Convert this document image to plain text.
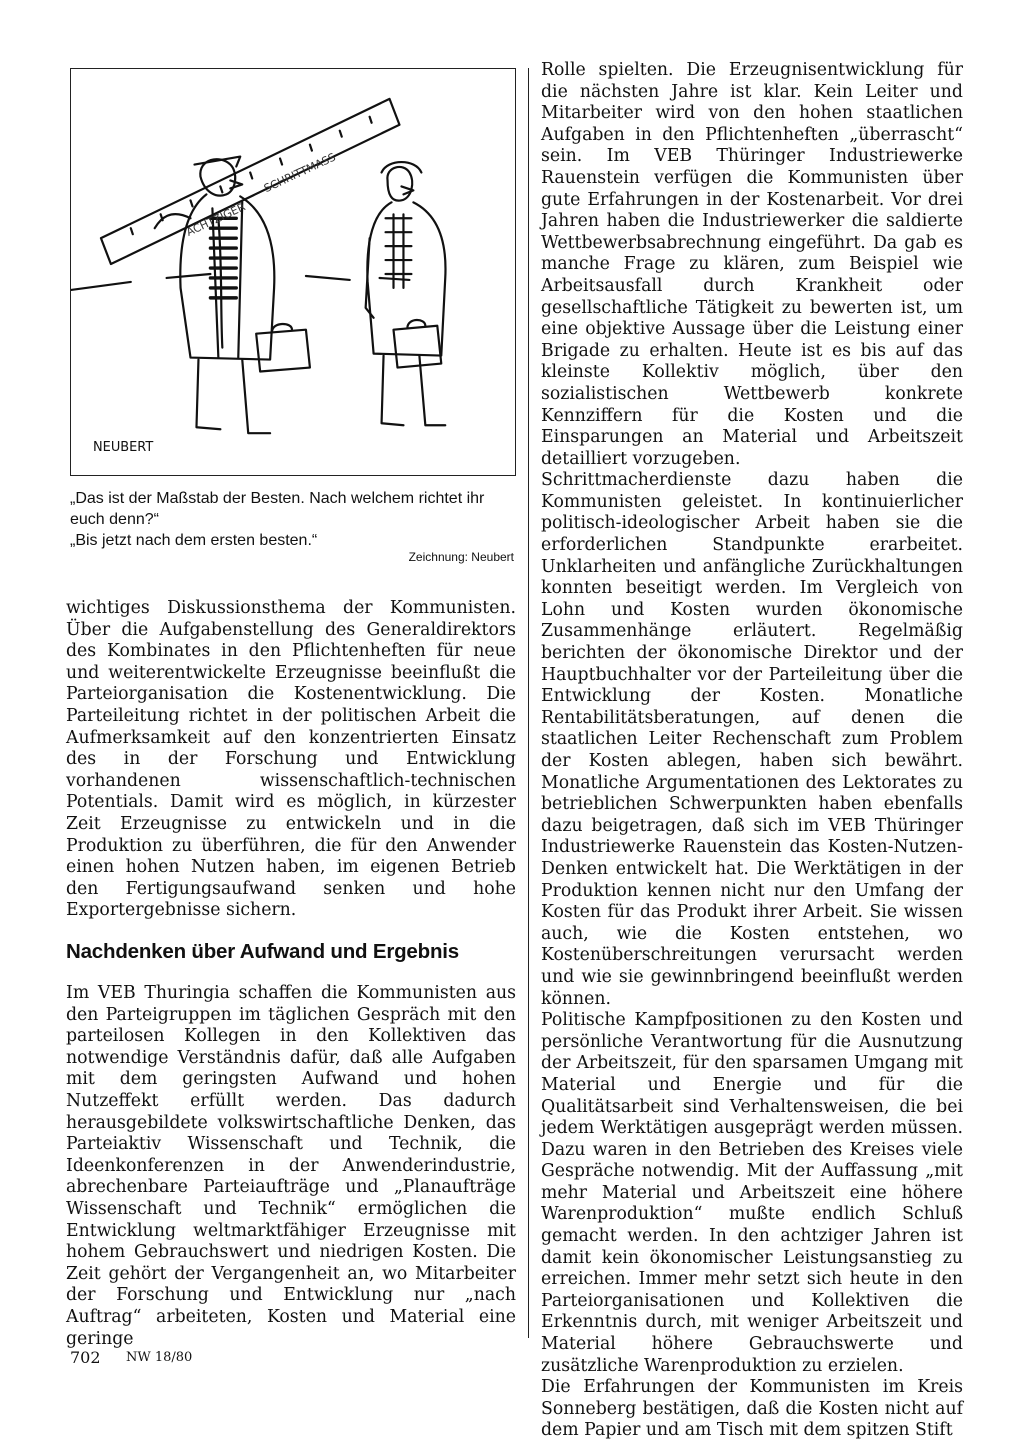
ACHTZIGER
SCHRITTMASS
NEUBERT

„Das ist der Maßstab der Besten. Nach welchem richtet ihr euch denn?“

„Bis jetzt nach dem ersten besten.“

Zeichnung: Neubert

wichtiges Diskussionsthema der Kommunisten. Über die Aufgabenstellung des Generaldirektors des Kombinates in den Pflichtenheften für neue und weiterentwickelte Erzeugnisse beeinflußt die Parteiorganisation die Kostenentwicklung. Die Parteileitung richtet in der politischen Arbeit die Aufmerksamkeit auf den konzentrierten Einsatz des in der Forschung und Entwicklung vorhandenen wissenschaftlich-technischen Potentials. Damit wird es möglich, in kürzester Zeit Erzeugnisse zu entwickeln und in die Produktion zu überführen, die für den Anwender einen hohen Nutzen haben, im eigenen Betrieb den Fertigungsaufwand senken und hohe Exportergebnisse sichern.

Nachdenken über Aufwand und Ergebnis

Im VEB Thuringia schaffen die Kommunisten aus den Parteigruppen im täglichen Gespräch mit den parteilosen Kollegen in den Kollektiven das notwendige Verständnis dafür, daß alle Aufgaben mit dem geringsten Aufwand und hohen Nutzeffekt erfüllt werden. Das dadurch herausgebildete volkswirtschaftliche Denken, das Parteiaktiv Wissenschaft und Technik, die Ideenkonferenzen in der Anwenderindustrie, abrechenbare Parteiaufträge und „Planaufträge Wissenschaft und Technik“ ermöglichen die Entwicklung weltmarktfähiger Erzeugnisse mit hohem Gebrauchswert und niedrigen Kosten. Die Zeit gehört der Vergangenheit an, wo Mitarbeiter der Forschung und Entwicklung nur „nach Auftrag“ arbeiteten, Kosten und Material eine geringe

Rolle spielten. Die Erzeugnisentwicklung für die nächsten Jahre ist klar. Kein Leiter und Mitarbeiter wird von den hohen staatlichen Aufgaben in den Pflichtenheften „überrascht“ sein. Im VEB Thüringer Industriewerke Rauenstein verfügen die Kommunisten über gute Erfahrungen in der Kostenarbeit. Vor drei Jahren haben die Industriewerker die saldierte Wettbewerbsabrechnung eingeführt. Da gab es manche Frage zu klären, zum Beispiel wie Arbeitsausfall durch Krankheit oder gesellschaftliche Tätigkeit zu bewerten ist, um eine objektive Aussage über die Leistung einer Brigade zu erhalten. Heute ist es bis auf das kleinste Kollektiv möglich, über den sozialistischen Wettbewerb konkrete Kennziffern für die Kosten und die Einsparungen an Material und Arbeitszeit detailliert vorzugeben.

Schrittmacherdienste dazu haben die Kommunisten geleistet. In kontinuierlicher politisch-ideologischer Arbeit haben sie die erforderlichen Standpunkte erarbeitet. Unklarheiten und anfängliche Zurückhaltungen konnten beseitigt werden. Im Vergleich von Lohn und Kosten wurden ökonomische Zusammenhänge erläutert. Regelmäßig berichten der ökonomische Direktor und der Hauptbuchhalter vor der Parteileitung über die Entwicklung der Kosten. Monatliche Rentabilitätsberatungen, auf denen die staatlichen Leiter Rechenschaft zum Problem der Kosten ablegen, haben sich bewährt. Monatliche Argumentationen des Lektorates zu betrieblichen Schwerpunkten haben ebenfalls dazu beigetragen, daß sich im VEB Thüringer Industriewerke Rauenstein das Kosten-Nutzen-Denken entwickelt hat. Die Werktätigen in der Produktion kennen nicht nur den Umfang der Kosten für das Produkt ihrer Arbeit. Sie wissen auch, wie die Kosten entstehen, wo Kostenüberschreitungen verursacht werden und wie sie gewinnbringend beeinflußt werden können.

Politische Kampfpositionen zu den Kosten und persönliche Verantwortung für die Ausnutzung der Arbeitszeit, für den sparsamen Umgang mit Material und Energie und für die Qualitätsarbeit sind Verhaltensweisen, die bei jedem Werktätigen ausgeprägt werden müssen. Dazu waren in den Betrieben des Kreises viele Gespräche notwendig. Mit der Auffassung „mit mehr Material und Arbeitszeit eine höhere Warenproduktion“ mußte endlich Schluß gemacht werden. In den achtziger Jahren ist damit kein ökonomischer Leistungsanstieg zu erreichen. Immer mehr setzt sich heute in den Parteiorganisationen und Kollektiven die Erkenntnis durch, mit weniger Arbeitszeit und Material höhere Gebrauchswerte und zusätzliche Warenproduktion zu erzielen.

Die Erfahrungen der Kommunisten im Kreis Sonneberg bestätigen, daß die Kosten nicht auf dem Papier und am Tisch mit dem spitzen Stift

702 NW 18/80
